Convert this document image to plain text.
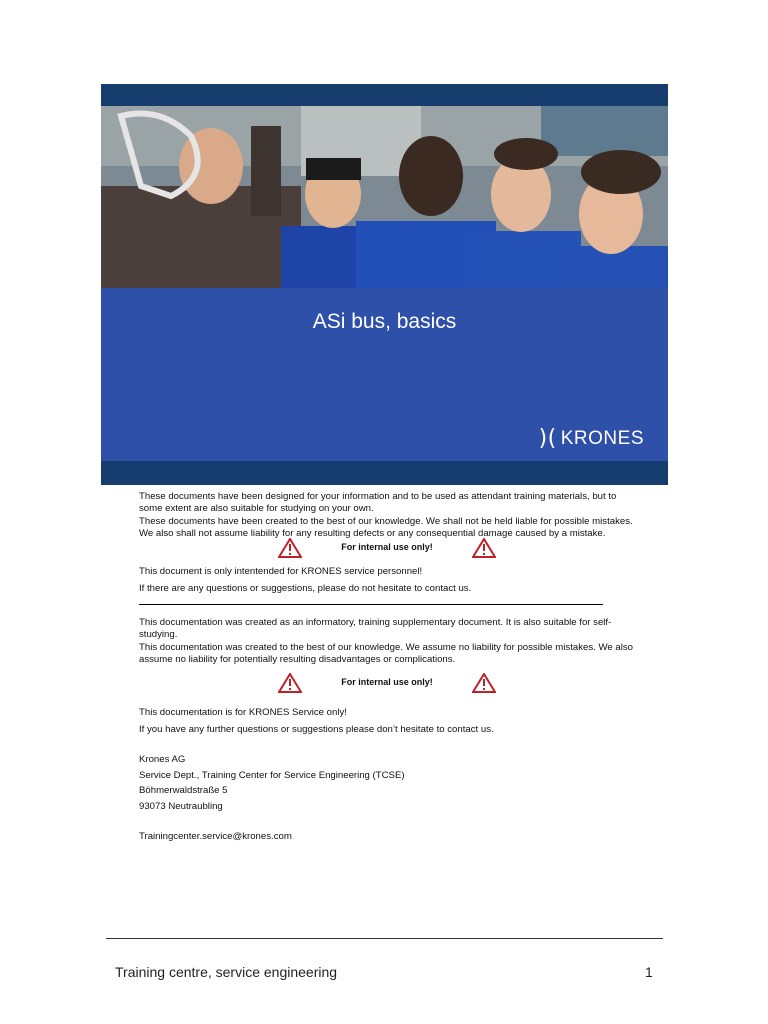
ASi bus, basics
)( KRONES

These documents have been designed for your information and to be used as attendant training materials, but to some extent are also suitable for studying on your own.

These documents have been created to the best of our knowledge. We shall not be held liable for possible mistakes. We also shall not assume liability for any resulting defects or any consequential damage caused by a mistake.

For internal use only!

This document is only intentended for KRONES service personnel!

If there are any questions or suggestions, please do not hesitate to contact us.

This documentation was created as an informatory, training supplementary document. It is also suitable for self-studying.

This documentation was created to the best of our knowledge. We assume no liability for possible mistakes. We also assume no liability for potentially resulting disadvantages or complications.

For internal use only!

This documentation is for KRONES Service only!

If you have any further questions or suggestions please don’t hesitate to contact us.

Krones AG

Service Dept., Training Center for Service Engineering (TCSE)

Böhmerwaldstraße 5

93073 Neutraubling

Trainingcenter.service@krones.com

Training centre, service engineering	1
